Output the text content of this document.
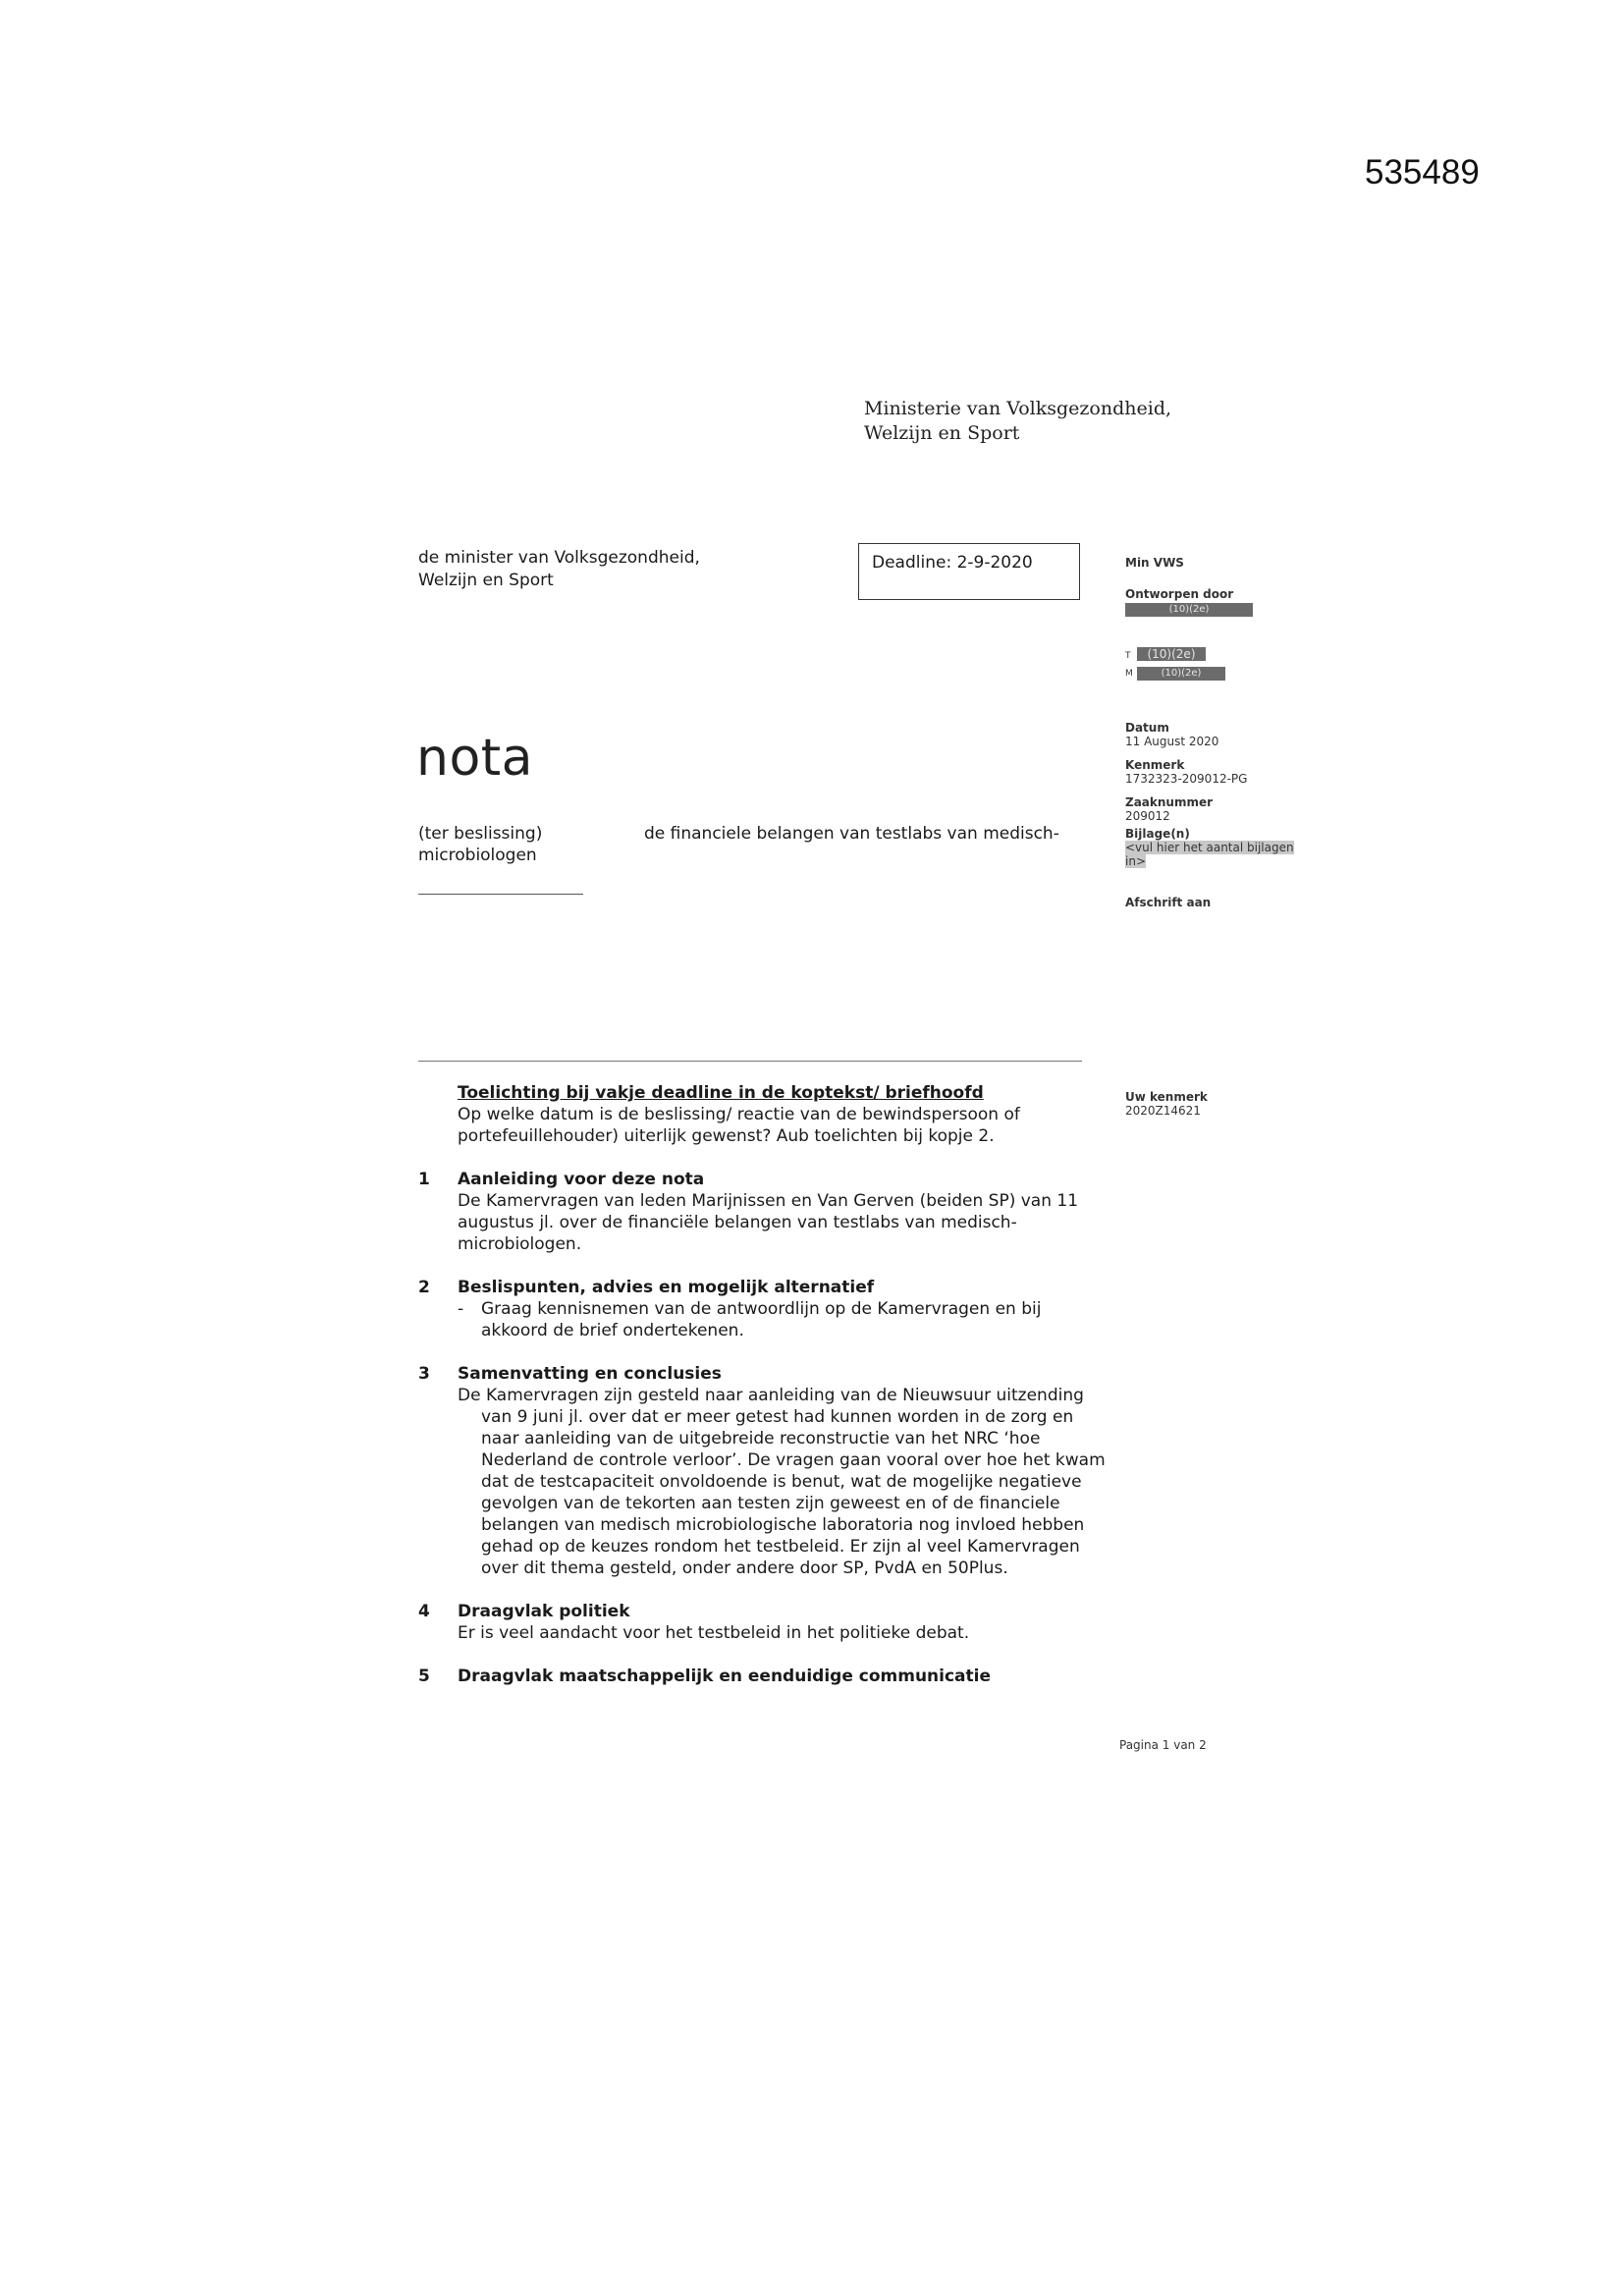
535489
Ministerie van Volksgezondheid,
Welzijn en Sport
de minister van Volksgezondheid,
Welzijn en Sport
Deadline: 2-9-2020	Min VWS
Ontworpen door
(10)(2e)
T (10)(2e)
M	(10)(2e)
Datum
11 August 2020
Kenmerk
1732323-209012-PG
Zaaknummer
209012
Bijlage(n)
<vul hier het aantal bijlagen in>
Afschrift aan
Uw kenmerk
2020Z14621
nota
(ter beslissing)	de financiele belangen van testlabs van medisch-
microbiologen
Toelichting bij vakje deadline in de koptekst/ briefhoofd
Op welke datum is de beslissing/ reactie van de bewindspersoon of portefeuillehouder) uiterlijk gewenst? Aub toelichten bij kopje 2.
1 Aanleiding voor deze nota
De Kamervragen van leden Marijnissen en Van Gerven (beiden SP) van 11 augustus jl. over de financiële belangen van testlabs van medisch-microbiologen.
2 Beslispunten, advies en mogelijk alternatief
- Graag kennisnemen van de antwoordlijn op de Kamervragen en bij akkoord de brief ondertekenen.
3 Samenvatting en conclusies
De Kamervragen zijn gesteld naar aanleiding van de Nieuwsuur uitzending
van 9 juni jl. over dat er meer getest had kunnen worden in de zorg en naar aanleiding van de uitgebreide reconstructie van het NRC ‘hoe Nederland de controle verloor’. De vragen gaan vooral over hoe het kwam dat de testcapaciteit onvoldoende is benut, wat de mogelijke negatieve gevolgen van de tekorten aan testen zijn geweest en of de financiele belangen van medisch microbiologische laboratoria nog invloed hebben gehad op de keuzes rondom het testbeleid. Er zijn al veel Kamervragen over dit thema gesteld, onder andere door SP, PvdA en 50Plus.
4 Draagvlak politiek
Er is veel aandacht voor het testbeleid in het politieke debat.
5 Draagvlak maatschappelijk en eenduidige communicatie
Pagina 1 van 2
